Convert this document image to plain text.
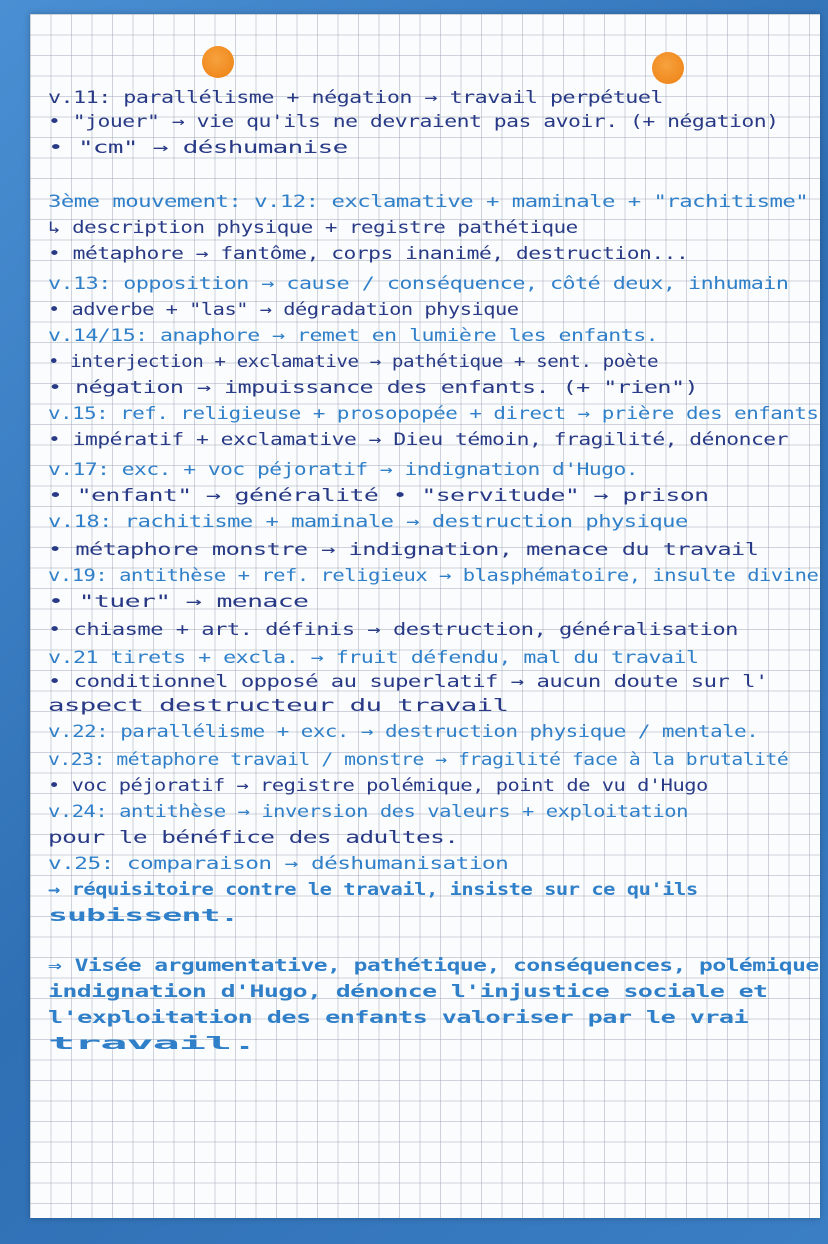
v.11: parallélisme + négation → travail perpétuel

• "jouer" → vie qu'ils ne devraient pas avoir. (+ négation)

• "cm" → déshumanise

3ème mouvement: v.12: exclamative + maminale + "rachitisme"

↳ description physique + registre pathétique

• métaphore → fantôme, corps inanimé, destruction...

v.13: opposition → cause / conséquence, côté deux, inhumain

• adverbe + "las" → dégradation physique

v.14/15: anaphore → remet en lumière les enfants.

• interjection + exclamative → pathétique + sent. poète

• négation → impuissance des enfants. (+ "rien")

v.15: ref. religieuse + prosopopée + direct → prière des enfants

• impératif + exclamative → Dieu témoin, fragilité, dénoncer

v.17: exc. + voc péjoratif → indignation d'Hugo.

• "enfant" → généralité • "servitude" → prison

v.18: rachitisme + maminale → destruction physique

• métaphore monstre → indignation, menace du travail

v.19: antithèse + ref. religieux → blasphématoire, insulte divine

• "tuer" → menace

• chiasme + art. définis → destruction, généralisation

v.21 tirets + excla. → fruit défendu, mal du travail

• conditionnel opposé au superlatif → aucun doute sur l'

aspect destructeur du travail

v.22: parallélisme + exc. → destruction physique / mentale.

v.23: métaphore travail / monstre → fragilité face à la brutalité

• voc péjoratif → registre polémique, point de vu d'Hugo

v.24: antithèse → inversion des valeurs + exploitation

pour le bénéfice des adultes.

v.25: comparaison → déshumanisation

→ réquisitoire contre le travail, insiste sur ce qu'ils

subissent.

⇒ Visée argumentative, pathétique, conséquences, polémique

indignation d'Hugo, dénonce l'injustice sociale et

l'exploitation des enfants valoriser par le vrai

travail.
